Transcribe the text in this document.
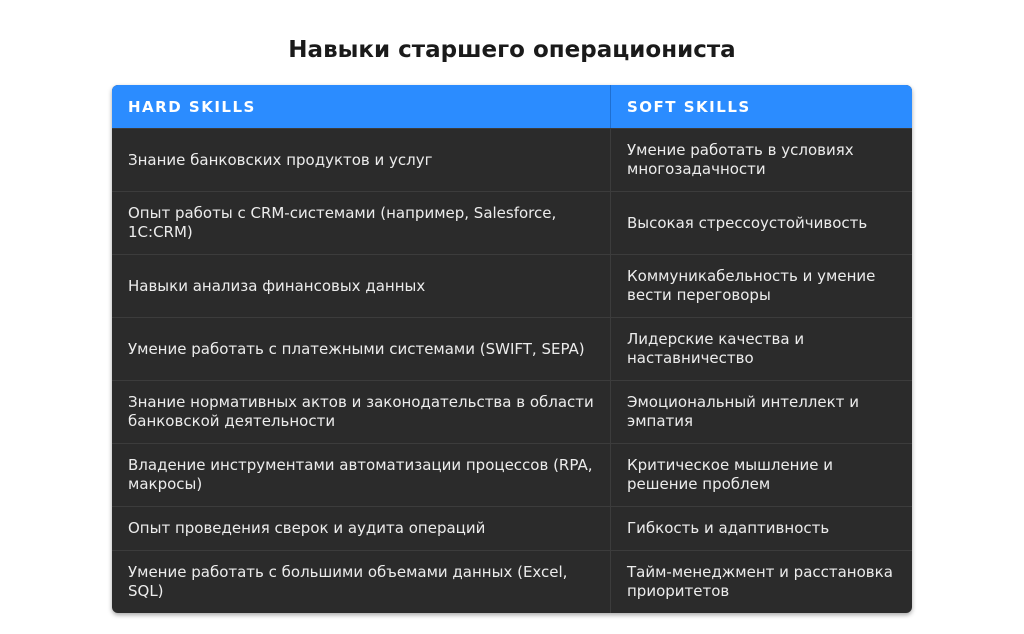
Навыки старшего операциониста
HARD SKILLS	SOFT SKILLS
Знание банковских продуктов и услуг
Умение работать в условиях многозадачности
Опыт работы с CRM-системами (например, Salesforce, 1C:CRM)
Высокая стрессоустойчивость
Навыки анализа финансовых данных
Коммуникабельность и умение вести переговоры
Умение работать с платежными системами (SWIFT, SEPA)
Лидерские качества и наставничество
Знание нормативных актов и законодательства в области банковской деятельности
Эмоциональный интеллект и эмпатия
Владение инструментами автоматизации процессов (RPA, макросы)
Критическое мышление и решение проблем
Опыт проведения сверок и аудита операций	Гибкость и адаптивность
Умение работать с большими объемами данных (Excel, SQL)
Тайм-менеджмент и расстановка приоритетов
